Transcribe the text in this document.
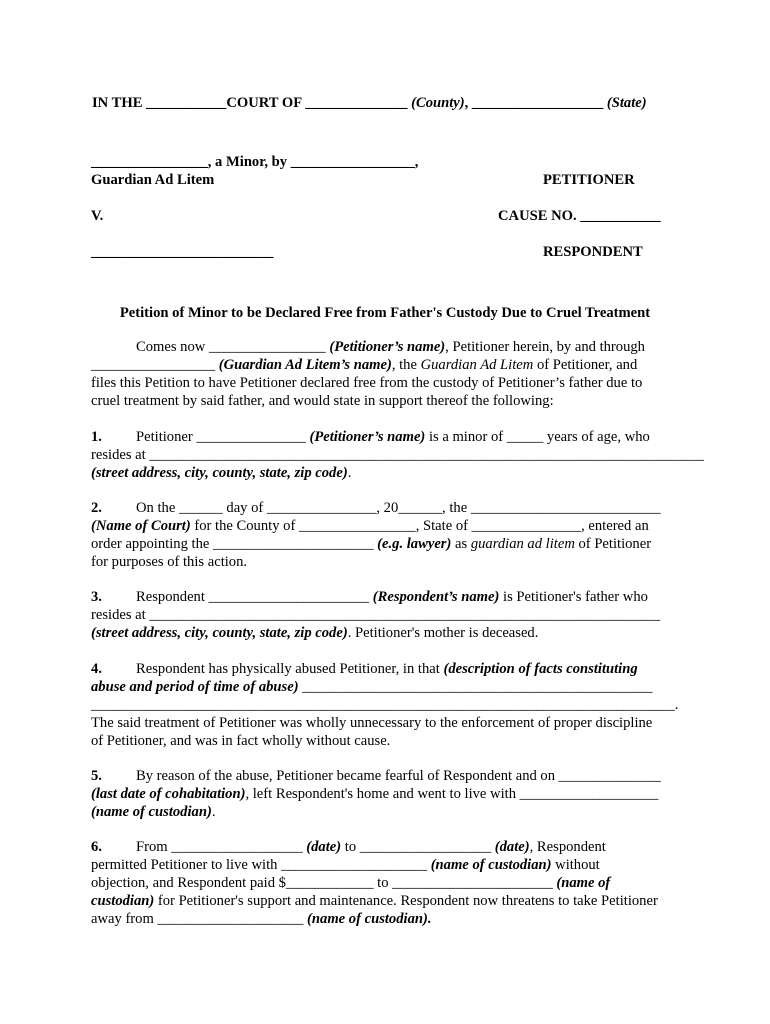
IN THE ___________COURT OF ______________ (County), __________________ (State)
________________, a Minor, by _________________,
Guardian Ad Litem	PETITIONER
V.	CAUSE NO. ___________
_________________________	RESPONDENT
Petition of Minor to be Declared Free from Father's Custody Due to Cruel Treatment
Comes now ________________ (Petitioner’s name), Petitioner herein, by and through
_________________ (Guardian Ad Litem’s name), the Guardian Ad Litem of Petitioner, and
files this Petition to have Petitioner declared free from the custody of Petitioner’s father due to
cruel treatment by said father, and would state in support thereof the following:
1. Petitioner _______________ (Petitioner’s name) is a minor of _____ years of age, who
resides at ____________________________________________________________________________
(street address, city, county, state, zip code).
2. On the ______ day of _______________, 20______, the __________________________
(Name of Court) for the County of ________________, State of _______________, entered an
order appointing the ______________________ (e.g. lawyer) as guardian ad litem of Petitioner
for purposes of this action.
3. Respondent ______________________ (Respondent’s name) is Petitioner's father who
resides at ______________________________________________________________________
(street address, city, county, state, zip code). Petitioner's mother is deceased.
4. Respondent has physically abused Petitioner, in that (description of facts constituting
abuse and period of time of abuse) ________________________________________________
________________________________________________________________________________.
The said treatment of Petitioner was wholly unnecessary to the enforcement of proper discipline
of Petitioner, and was in fact wholly without cause.
5. By reason of the abuse, Petitioner became fearful of Respondent and on ______________
(last date of cohabitation), left Respondent's home and went to live with ___________________
(name of custodian).
6. From __________________ (date) to __________________ (date), Respondent
permitted Petitioner to live with ____________________ (name of custodian) without
objection, and Respondent paid $____________ to ______________________ (name of
custodian) for Petitioner's support and maintenance. Respondent now threatens to take Petitioner
away from ____________________ (name of custodian).
